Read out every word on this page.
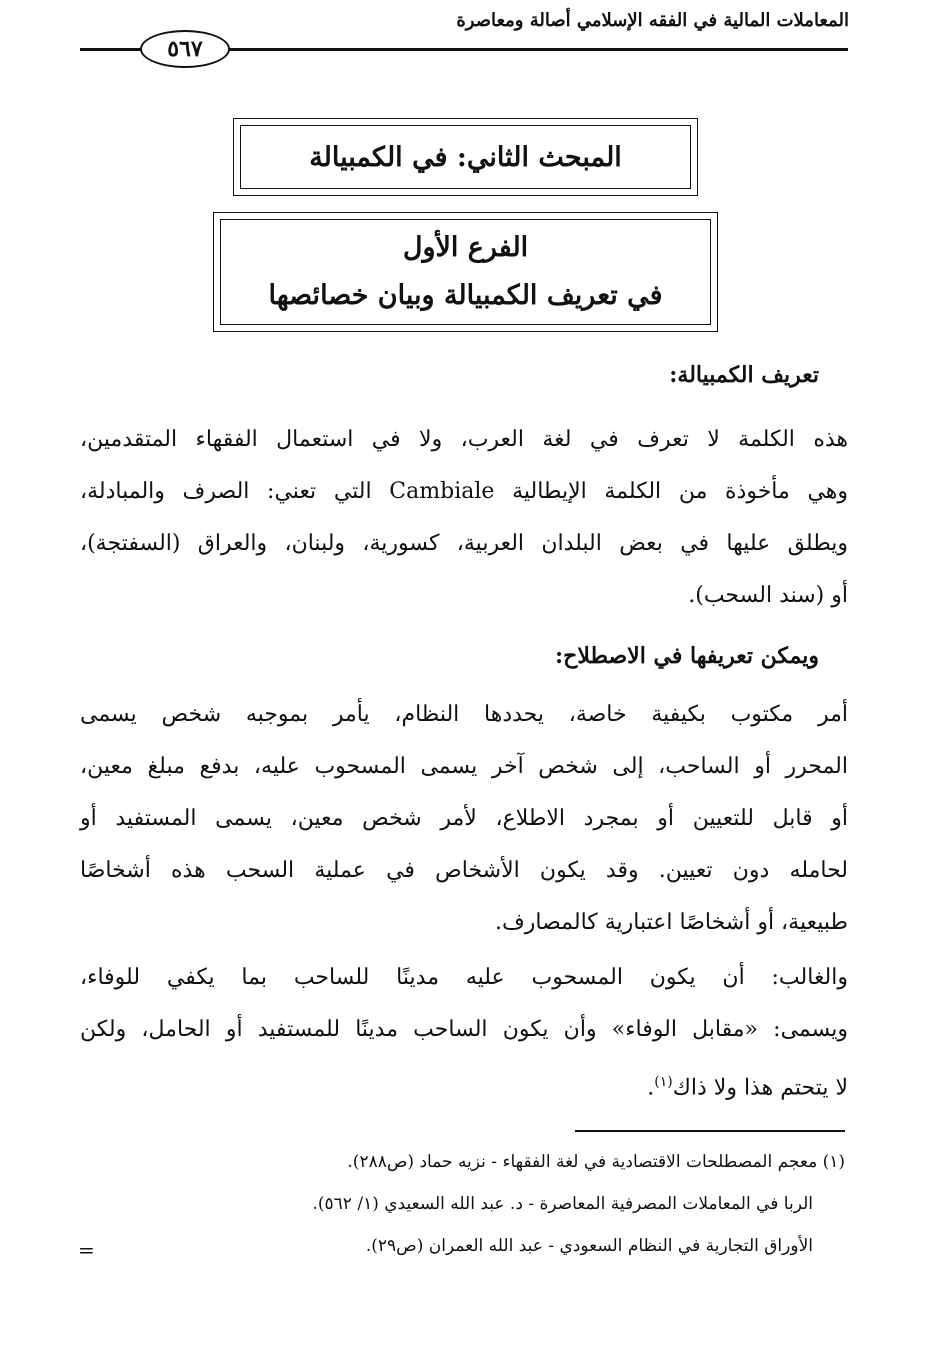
المعاملات المالية في الفقه الإسلامي أصالة ومعاصرة
٥٦٧
المبحث الثاني: في الكمبيالة
الفرع الأول
في تعريف الكمبيالة وبيان خصائصها
تعريف الكمبيالة:
هذه الكلمة لا تعرف في لغة العرب، ولا في استعمال الفقهاء المتقدمين،
وهي مأخوذة من الكلمة الإيطالية Cambiale التي تعني: الصرف والمبادلة،
ويطلق عليها في بعض البلدان العربية، كسورية، ولبنان، والعراق (السفتجة)،
أو (سند السحب).
ويمكن تعريفها في الاصطلاح:
أمر مكتوب بكيفية خاصة، يحددها النظام، يأمر بموجبه شخص يسمى
المحرر أو الساحب، إلى شخص آخر يسمى المسحوب عليه، بدفع مبلغ معين،
أو قابل للتعيين أو بمجرد الاطلاع، لأمر شخص معين، يسمى المستفيد أو
لحامله دون تعيين. وقد يكون الأشخاص في عملية السحب هذه أشخاصًا
طبيعية، أو أشخاصًا اعتبارية كالمصارف.
والغالب: أن يكون المسحوب عليه مدينًا للساحب بما يكفي للوفاء،
ويسمى: «مقابل الوفاء» وأن يكون الساحب مدينًا للمستفيد أو الحامل، ولكن
لا يتحتم هذا ولا ذاك$^{(١)}$.
(١) معجم المصطلحات الاقتصادية في لغة الفقهاء - نزيه حماد (ص٢٨٨).
الربا في المعاملات المصرفية المعاصرة - د. عبد الله السعيدي (١/ ٥٦٢).
الأوراق التجارية في النظام السعودي - عبد الله العمران (ص٢٩).
=
